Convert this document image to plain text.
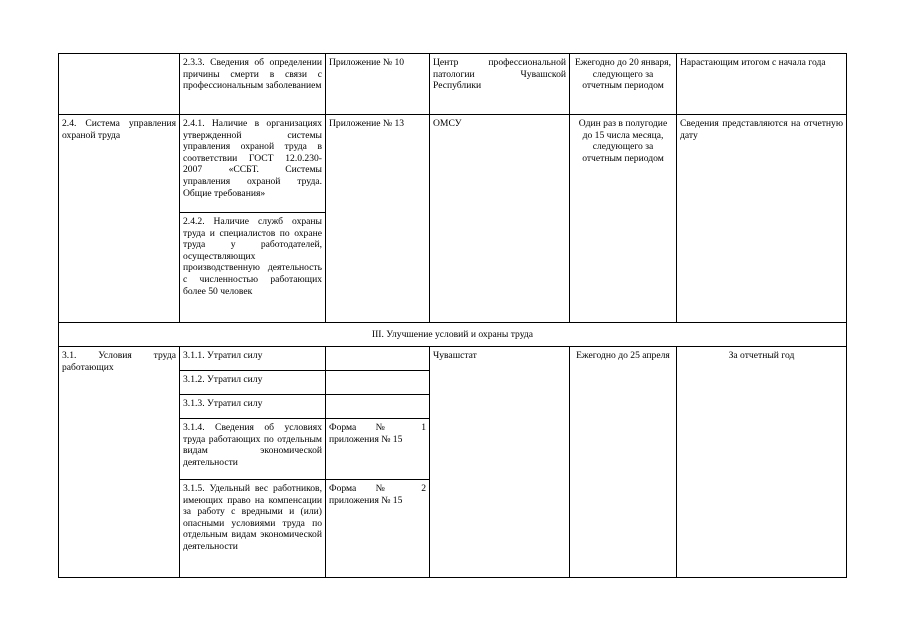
	2.3.3. Сведения об определении причины смерти в связи с профессиональным заболеванием	Приложение № 10	Центр профессиональной патологии Чувашской Республики	Ежегодно до 20 января, следующего за отчетным периодом	Нарастающим итогом с начала года
2.4. Система управления охраной труда	2.4.1. Наличие в организациях утвержденной системы управления охраной труда в соответствии ГОСТ 12.0.230-2007 «ССБТ. Системы управления охраной труда. Общие требования»	Приложение № 13	ОМСУ	Один раз в полугодие до 15 числа месяца, следующего за отчетным периодом	Сведения представляются на отчетную дату
	2.4.2. Наличие служб охраны труда и специалистов по охране труда у работодателей, осуществляющих производственную деятельность с численностью работающих более 50 человек				
III. Улучшение условий и охраны труда					
3.1. Условия труда работающих	3.1.1. Утратил силу		Чувашстат	Ежегодно до 25 апреля	За отчетный год
	3.1.2. Утратил силу				
	3.1.3. Утратил силу				
	3.1.4. Сведения об условиях труда работающих по отдельным видам экономической деятельности	Форма № 1 приложения № 15			
	3.1.5. Удельный вес работников, имеющих право на компенсации за работу с вредными и (или) опасными условиями труда по отдельным видам экономической деятельности	Форма № 2 приложения № 15			
